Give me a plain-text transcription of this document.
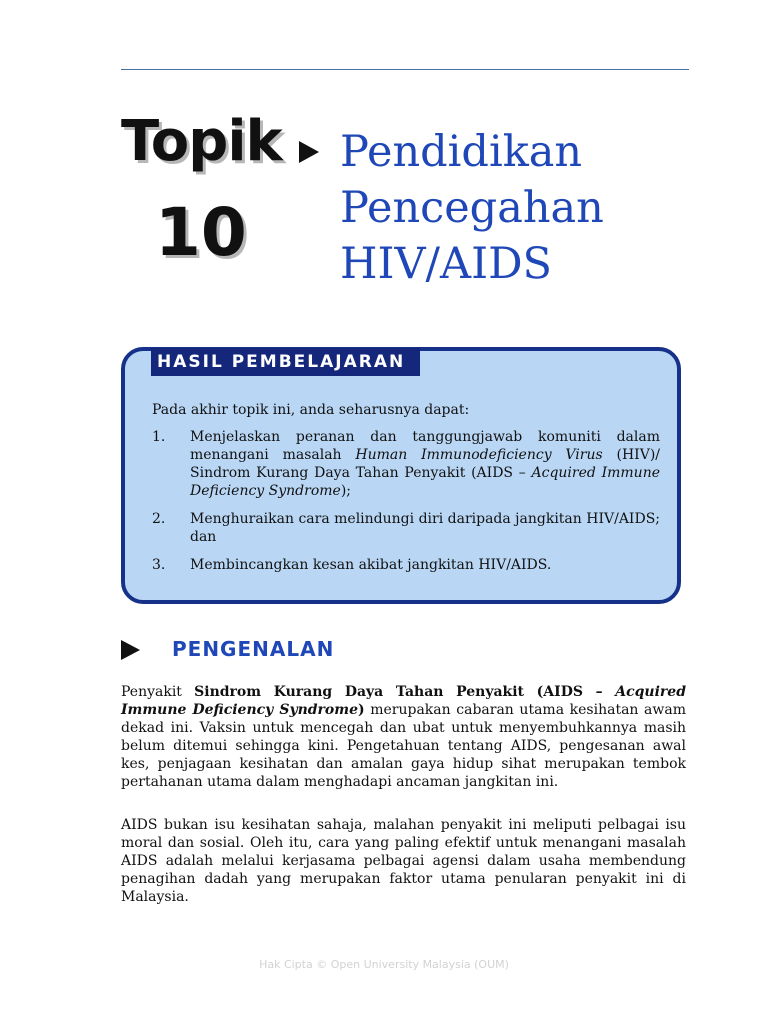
Topik
10
Pendidikan
Pencegahan
HIV/AIDS
HASIL PEMBELAJARAN
Pada akhir topik ini, anda seharusnya dapat:
1. Menjelaskan peranan dan tanggungjawab komuniti dalam menangani masalah Human Immunodeficiency Virus (HIV)/ Sindrom Kurang Daya Tahan Penyakit (AIDS – Acquired Immune Deficiency Syndrome);
2. Menghuraikan cara melindungi diri daripada jangkitan HIV/AIDS; dan
3. Membincangkan kesan akibat jangkitan HIV/AIDS.
PENGENALAN

Penyakit Sindrom Kurang Daya Tahan Penyakit (AIDS – Acquired Immune Deficiency Syndrome) merupakan cabaran utama kesihatan awam dekad ini. Vaksin untuk mencegah dan ubat untuk menyembuhkannya masih belum ditemui sehingga kini. Pengetahuan tentang AIDS, pengesanan awal kes, penjagaan kesihatan dan amalan gaya hidup sihat merupakan tembok pertahanan utama dalam menghadapi ancaman jangkitan ini.

AIDS bukan isu kesihatan sahaja, malahan penyakit ini meliputi pelbagai isu moral dan sosial. Oleh itu, cara yang paling efektif untuk menangani masalah AIDS adalah melalui kerjasama pelbagai agensi dalam usaha membendung penagihan dadah yang merupakan faktor utama penularan penyakit ini di Malaysia.

Hak Cipta © Open University Malaysia (OUM)
